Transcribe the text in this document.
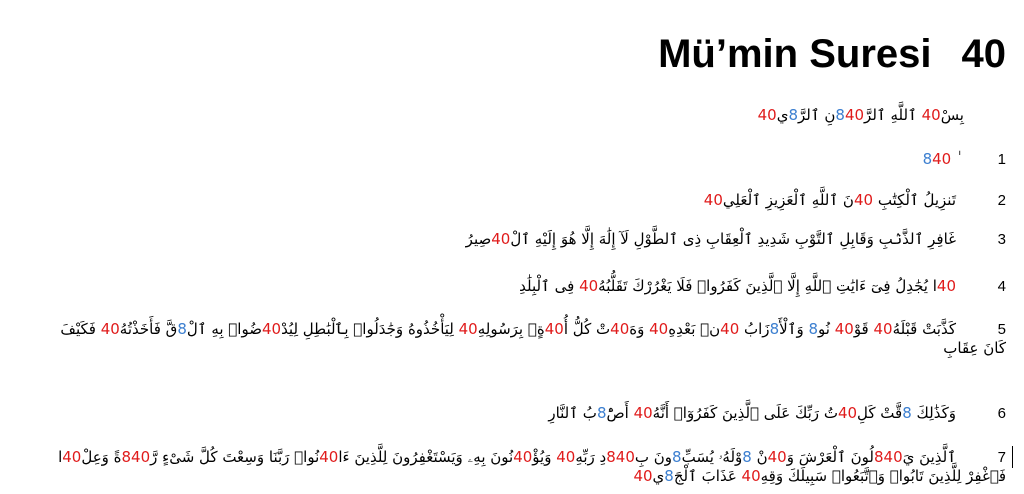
Mü’min Suresi 40
بِسْ40 ٱللَّهِ ٱلرَّ840نِ ٱلرَّ8ي40
1ٰ 840
2تَنزِيلُ ٱلْكِتَٰبِ 40نَ ٱللَّهِ ٱلْعَزِيزِ ٱلْعَلِي40
3غَافِرِ ٱلذَّنۢبِ وَقَابِلِ ٱلتَّوْبِ شَدِيدِ ٱلْعِقَابِ ذِى ٱلطَّوْلِ لَآ إِلَٰهَ إِلَّا هُوَ إِلَيْهِ ٱلْ40صِيرُ
440ا يُجَٰدِلُ فِىٓ ءَايَٰتِ ٱللَّهِ إِلَّا ٱلَّذِينَ كَفَرُوا۟ فَلَا يَغْرُرْكَ تَقَلُّبُهُ40 فِى ٱلْبِلَٰدِ
5كَذَّبَتْ قَبْلَهُ40 قَوْ40 نُو8 وَٱلْأَ8زَابُ 40نۢ بَعْدِهِ40 وَهَ40تْ كُلُّ أُ40ةٍۭ بِرَسُولِهِ40 لِيَأْخُذُوهُ وَجَٰدَلُوا۟ بِٱلْبَٰطِلِ لِيُدْ40ضُوا۟ بِهِ ٱلْ8قَّ فَأَخَذْتُهُ40 فَكَيْفَ كَانَ عِقَابِ
6وَكَذَٰلِكَ 8قَّتْ كَلِ40تُ رَبِّكَ عَلَى ٱلَّذِينَ كَفَرُوٓا۟ أَنَّهُ40 أَصْ8بُ ٱلنَّارِ
7ٱلَّذِينَ يَ840لُونَ ٱلْعَرْشَ وَ40نْ 8وْلَهُۥ يُسَبِّ8ونَ بِ840دِ رَبِّهِ40 وَيُؤْ40نُونَ بِهِۦ وَيَسْتَغْفِرُونَ لِلَّذِينَ ءَا40نُوا۟ رَبَّنَا وَسِعْتَ كُلَّ شَىْءٍ رَّ840ةً وَعِلْ40ا فَٱغْفِرْ لِلَّذِينَ تَابُوا۟ وَٱتَّبَعُوا۟ سَبِيلَكَ وَقِهِ40 عَذَابَ ٱلْجَ8ي40
